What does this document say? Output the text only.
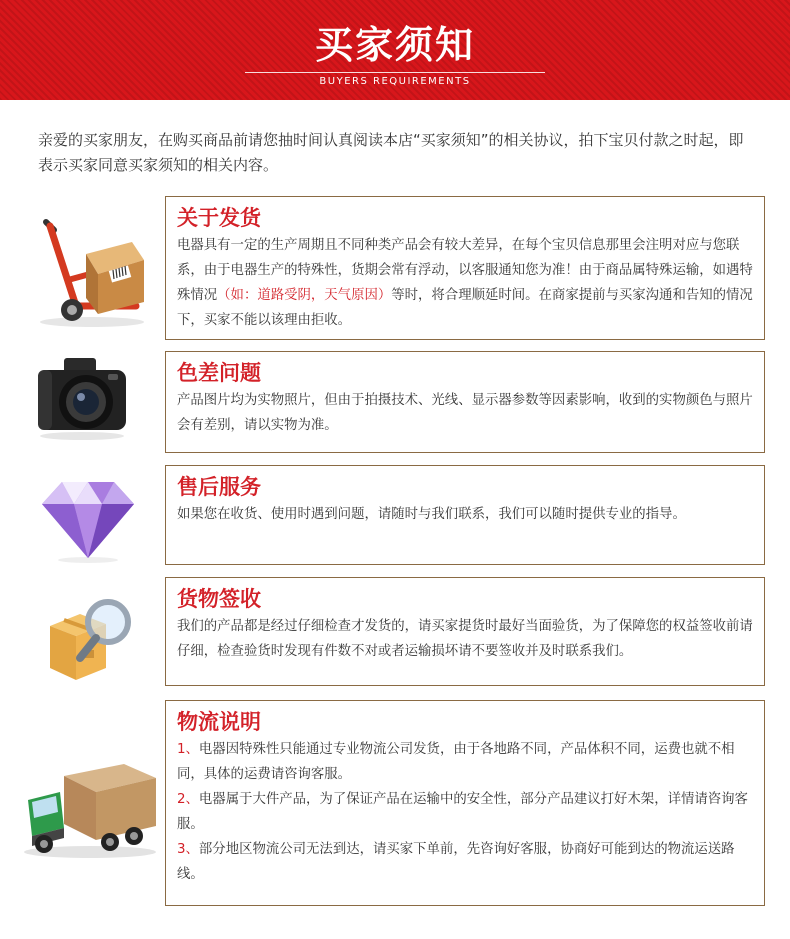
买家须知
BUYERS REQUIREMENTS

亲爱的买家朋友，在购买商品前请您抽时间认真阅读本店“买家须知”的相关协议，拍下宝贝付款之时起，即表示买家同意买家须知的相关内容。

关于发货

电器具有一定的生产周期且不同种类产品会有较大差异，在每个宝贝信息那里会注明对应与您联系，由于电器生产的特殊性，货期会常有浮动，以客服通知您为准！由于商品属特殊运输，如遇特殊情况（如：道路受阴，天气原因）等时，将合理顺延时间。在商家提前与买家沟通和告知的情况下，买家不能以该理由拒收。

色差问题

产品图片均为实物照片，但由于拍摄技术、光线、显示器参数等因素影响，收到的实物颜色与照片会有差别，请以实物为准。

售后服务

如果您在收货、使用时遇到问题，请随时与我们联系，我们可以随时提供专业的指导。

货物签收

我们的产品都是经过仔细检查才发货的，请买家提货时最好当面验货，为了保障您的权益签收前请仔细，检查验货时发现有件数不对或者运输损坏请不要签收并及时联系我们。

物流说明

1、电器因特殊性只能通过专业物流公司发货，由于各地路不同，产品体积不同，运费也就不相同，具体的运费请咨询客服。

2、电器属于大件产品，为了保证产品在运输中的安全性，部分产品建议打好木架，详情请咨询客服。

3、部分地区物流公司无法到达，请买家下单前，先咨询好客服，协商好可能到达的物流运送路线。
